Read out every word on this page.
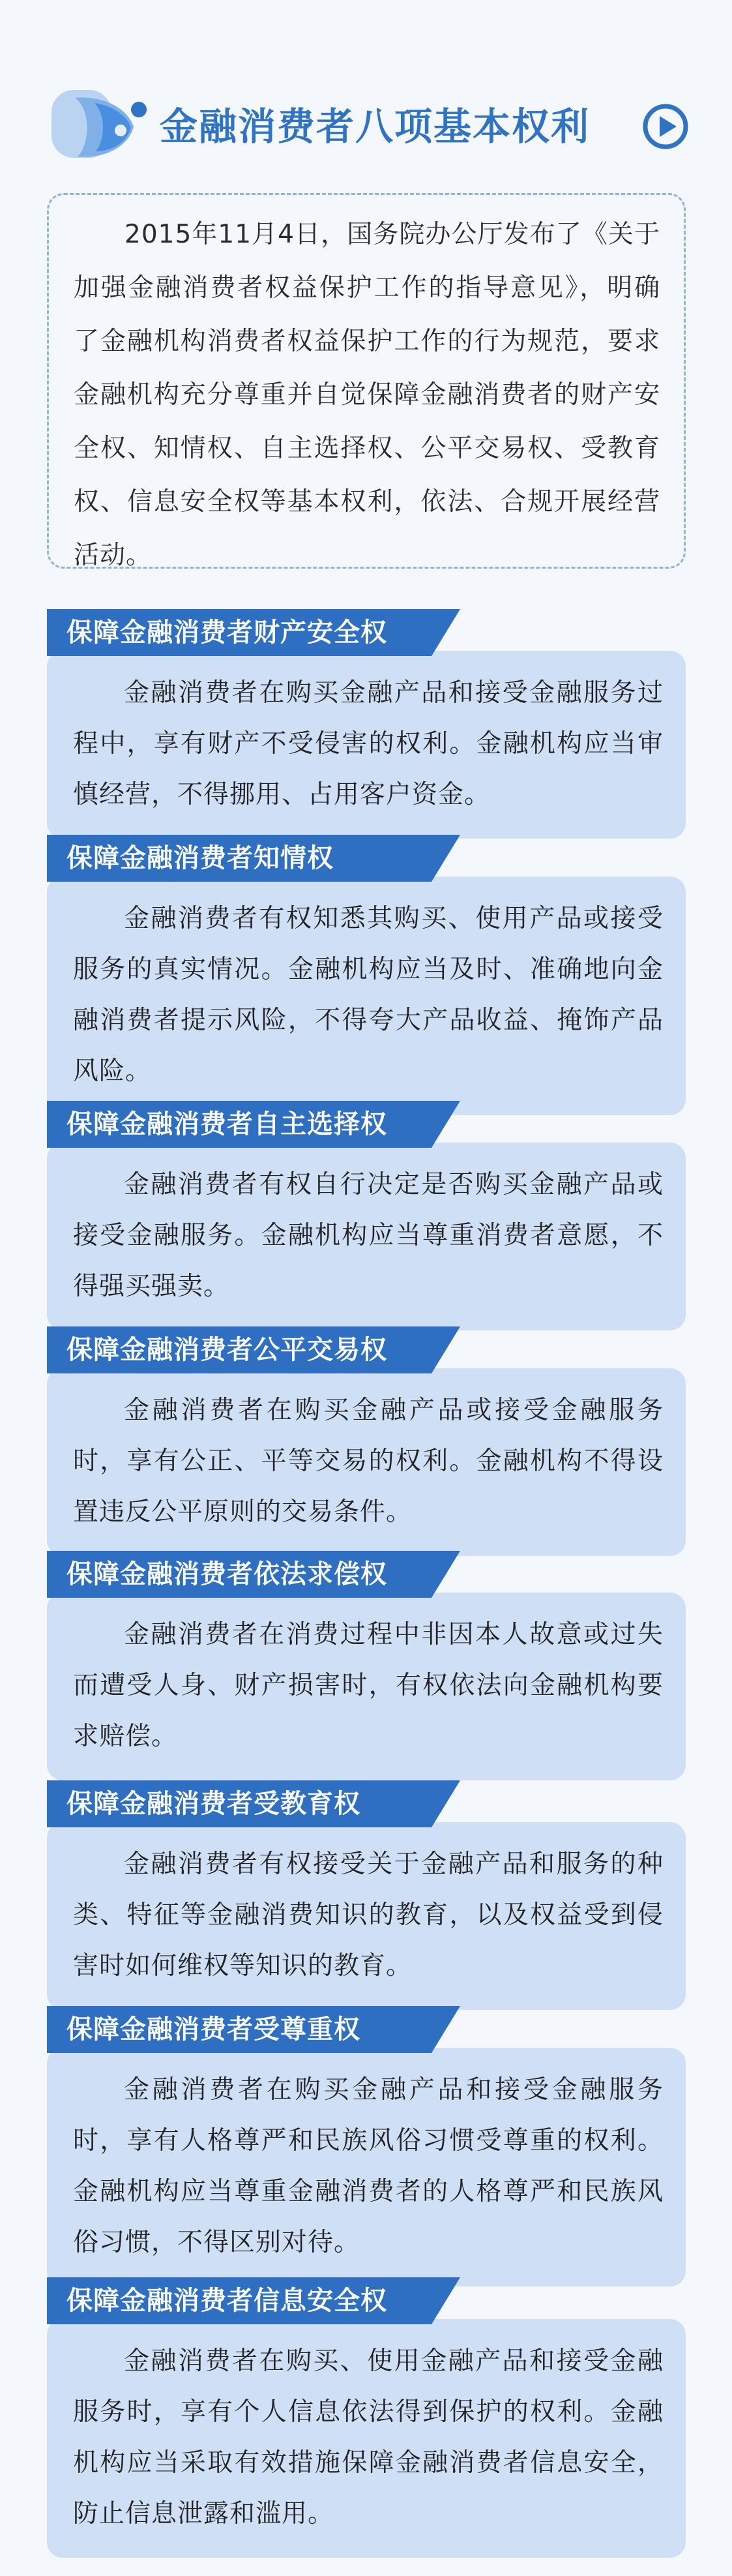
金融消费者八项基本权利

2015年11月4日，国务院办公厅发布了《关于加强金融消费者权益保护工作的指导意见》，明确了金融机构消费者权益保护工作的行为规范，要求金融机构充分尊重并自觉保障金融消费者的财产安全权、知情权、自主选择权、公平交易权、受教育权、信息安全权等基本权利，依法、合规开展经营活动。

保障金融消费者财产安全权

金融消费者在购买金融产品和接受金融服务过程中，享有财产不受侵害的权利。金融机构应当审慎经营，不得挪用、占用客户资金。

保障金融消费者知情权

金融消费者有权知悉其购买、使用产品或接受服务的真实情况。金融机构应当及时、准确地向金融消费者提示风险，不得夸大产品收益、掩饰产品风险。

保障金融消费者自主选择权

金融消费者有权自行决定是否购买金融产品或接受金融服务。金融机构应当尊重消费者意愿，不得强买强卖。

保障金融消费者公平交易权

金融消费者在购买金融产品或接受金融服务时，享有公正、平等交易的权利。金融机构不得设置违反公平原则的交易条件。

保障金融消费者依法求偿权

金融消费者在消费过程中非因本人故意或过失而遭受人身、财产损害时，有权依法向金融机构要求赔偿。

保障金融消费者受教育权

金融消费者有权接受关于金融产品和服务的种类、特征等金融消费知识的教育，以及权益受到侵害时如何维权等知识的教育。

保障金融消费者受尊重权

金融消费者在购买金融产品和接受金融服务时，享有人格尊严和民族风俗习惯受尊重的权利。金融机构应当尊重金融消费者的人格尊严和民族风俗习惯，不得区别对待。

保障金融消费者信息安全权

金融消费者在购买、使用金融产品和接受金融服务时，享有个人信息依法得到保护的权利。金融机构应当采取有效措施保障金融消费者信息安全，防止信息泄露和滥用。
